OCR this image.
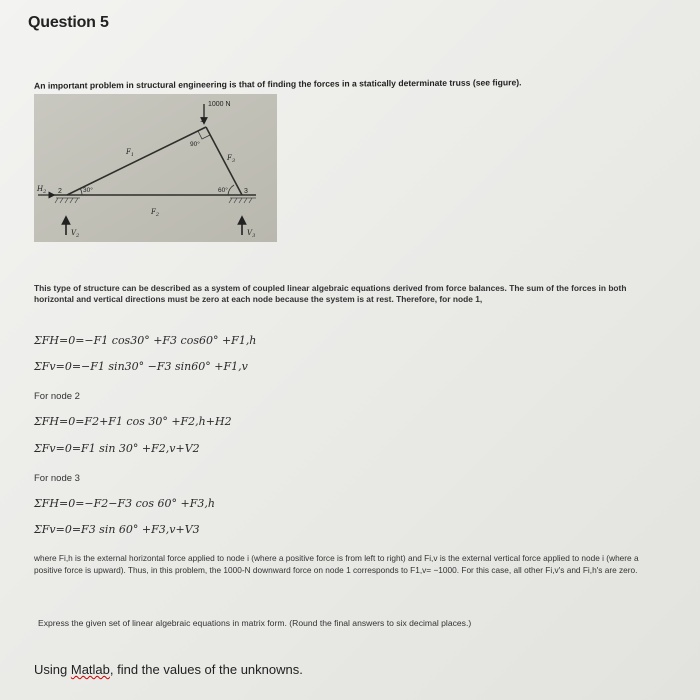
Question 5
An important problem in structural engineering is that of finding the forces in a statically determinate truss (see figure).
1000 N
1
90°
$F_1$	$F_3$
$F_2$
2	30°
$H_2$	3
60°
$V_2$	$V_3$
This type of structure can be described as a system of coupled linear algebraic equations derived from force balances. The sum of the forces in both horizontal and vertical directions must be zero at each node because the system is at rest. Therefore, for node 1,
ΣFH=0=−F1 cos30° +F3 cos60° +F1,h
ΣFv=0=−F1 sin30° −F3 sin60° +F1,v
For node 2
ΣFH=0=F2+F1 cos 30° +F2,h+H2
ΣFv=0=F1 sin 30° +F2,v+V2
For node 3
ΣFH=0=−F2−F3 cos 60° +F3,h
ΣFv=0=F3 sin 60° +F3,v+V3
where Fi,h is the external horizontal force applied to node i (where a positive force is from left to right) and Fi,v is the external vertical force applied to node i (where a positive force is upward). Thus, in this problem, the 1000-N downward force on node 1 corresponds to F1,v= −1000. For this case, all other Fi,v's and Fi,h's are zero.
Express the given set of linear algebraic equations in matrix form. (Round the final answers to six decimal places.)
Using Matlab, find the values of the unknowns.
